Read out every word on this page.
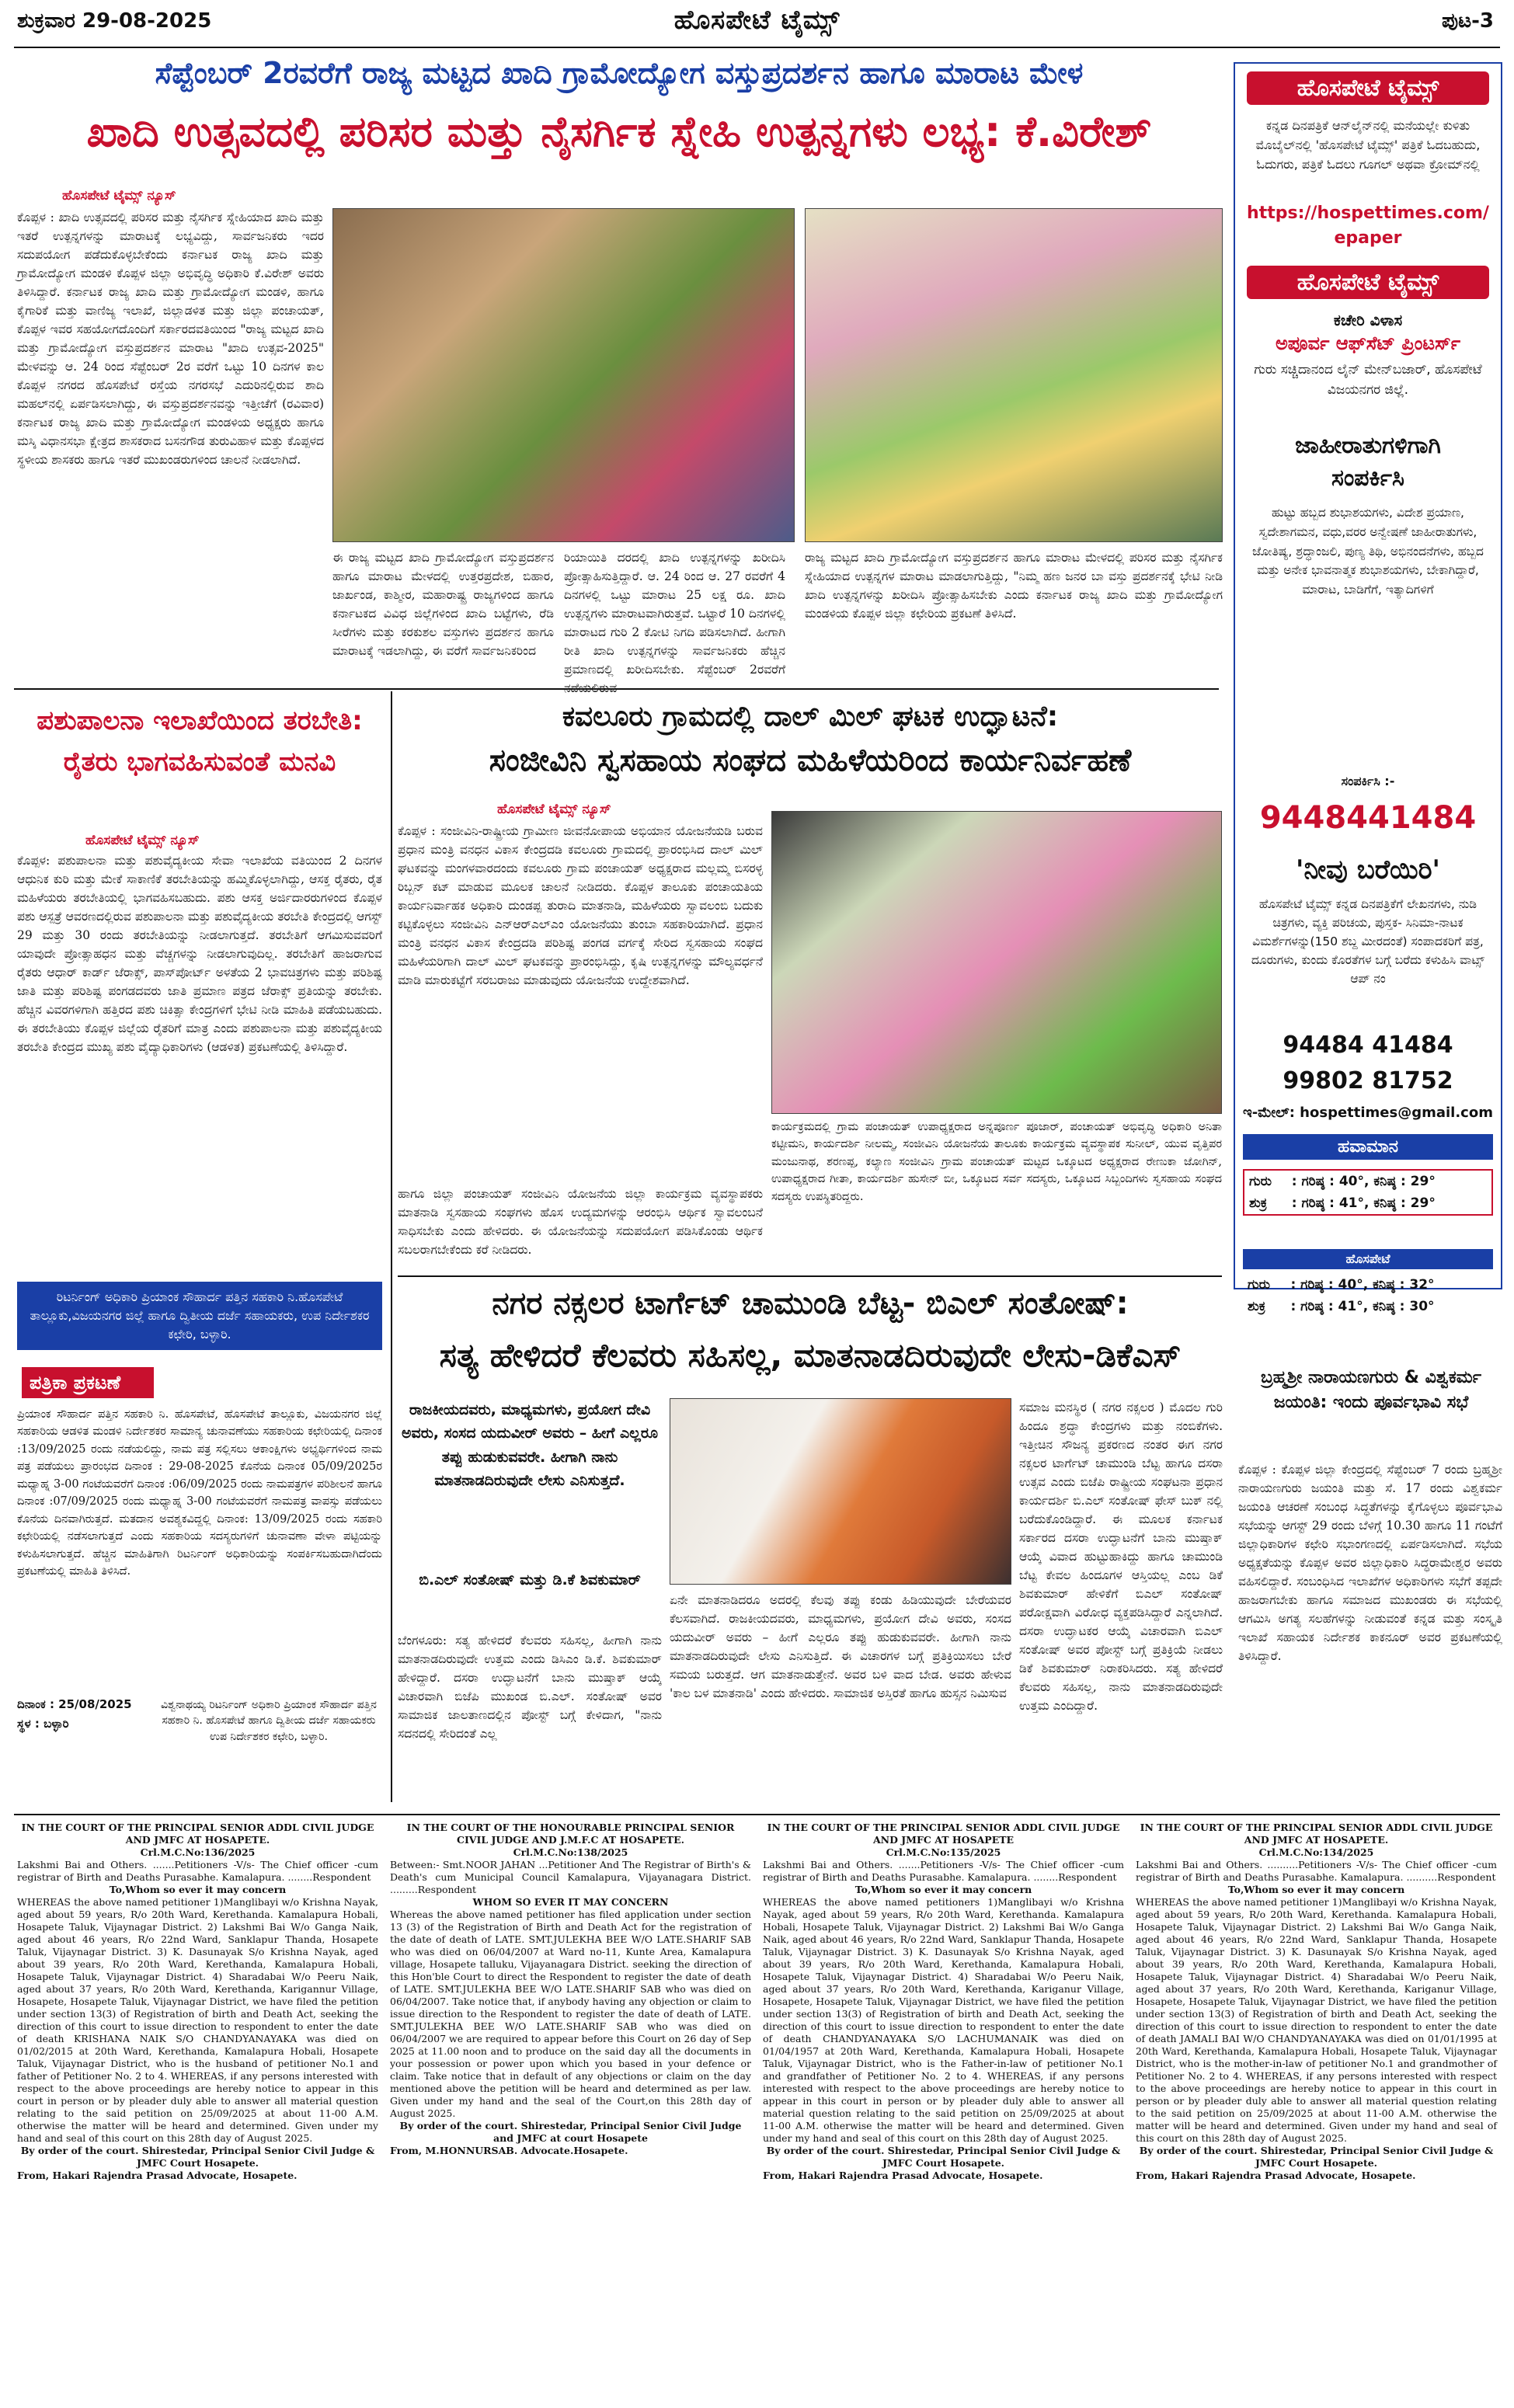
ಶುಕ್ರವಾರ 29-08-2025	ಹೊಸಪೇಟೆ ಟೈಮ್ಸ್	ಪುಟ-3
ಸೆಪ್ಟೆಂಬರ್ 2ರವರೆಗೆ ರಾಜ್ಯ ಮಟ್ಟದ ಖಾದಿ ಗ್ರಾಮೋದ್ಯೋಗ ವಸ್ತುಪ್ರದರ್ಶನ ಹಾಗೂ ಮಾರಾಟ ಮೇಳ
ಖಾದಿ ಉತ್ಸವದಲ್ಲಿ ಪರಿಸರ ಮತ್ತು ನೈಸರ್ಗಿಕ ಸ್ನೇಹಿ ಉತ್ಪನ್ನಗಳು ಲಭ್ಯ: ಕೆ.ವಿರೇಶ್
ಹೊಸಪೇಟೆ ಟೈಮ್ಸ್ ನ್ಯೂಸ್
ಕೊಪ್ಪಳ : ಖಾದಿ ಉತ್ಸವದಲ್ಲಿ ಪರಿಸರ ಮತ್ತು ನೈಸರ್ಗಿಕ ಸ್ನೇಹಿಯಾದ ಖಾದಿ ಮತ್ತು ಇತರೆ ಉತ್ಪನ್ನಗಳನ್ನು ಮಾರಾಟಕ್ಕೆ ಲಭ್ಯವಿದ್ದು, ಸಾರ್ವಜನಿಕರು ಇದರ ಸದುಪಯೋಗ ಪಡೆದುಕೊಳ್ಳಬೇಕೆಂದು ಕರ್ನಾಟಕ ರಾಜ್ಯ ಖಾದಿ ಮತ್ತು ಗ್ರಾಮೋದ್ಯೋಗ ಮಂಡಳಿ ಕೊಪ್ಪಳ ಜಿಲ್ಲಾ ಅಭಿವೃದ್ಧಿ ಅಧಿಕಾರಿ ಕೆ.ವಿರೇಶ್ ಅವರು ತಿಳಿಸಿದ್ದಾರೆ. ಕರ್ನಾಟಕ ರಾಜ್ಯ ಖಾದಿ ಮತ್ತು ಗ್ರಾಮೋದ್ಯೋಗ ಮಂಡಳಿ, ಹಾಗೂ ಕೈಗಾರಿಕೆ ಮತ್ತು ವಾಣಿಜ್ಯ ಇಲಾಖೆ, ಜಿಲ್ಲಾಡಳಿತ ಮತ್ತು ಜಿಲ್ಲಾ ಪಂಚಾಯತ್, ಕೊಪ್ಪಳ ಇವರ ಸಹಯೋಗದೊಂದಿಗೆ ಸರ್ಕಾರದವತಿಯಿಂದ "ರಾಜ್ಯ ಮಟ್ಟದ ಖಾದಿ ಮತ್ತು ಗ್ರಾಮೋದ್ಯೋಗ ವಸ್ತುಪ್ರದರ್ಶನ ಮಾರಾಟ "ಖಾದಿ ಉತ್ಸವ-2025" ಮೇಳವನ್ನು ಆ. 24 ರಿಂದ ಸೆಪ್ಟೆಂಬರ್ 2ರ ವರೆಗೆ ಒಟ್ಟು 10 ದಿನಗಳ ಕಾಲ ಕೊಪ್ಪಳ ನಗರದ ಹೊಸಪೇಟೆ ರಸ್ತೆಯ ನಗರಸಭೆ ಎದುರಿನಲ್ಲಿರುವ ಶಾದಿ ಮಹಲ್‌ನಲ್ಲಿ ಏರ್ಪಡಿಸಲಾಗಿದ್ದು, ಈ ವಸ್ತುಪ್ರದರ್ಶನವನ್ನು ಇತ್ತೀಚೆಗೆ (ರವಿವಾರ) ಕರ್ನಾಟಕ ರಾಜ್ಯ ಖಾದಿ ಮತ್ತು ಗ್ರಾಮೋದ್ಯೋಗ ಮಂಡಳಿಯ ಅಧ್ಯಕ್ಷರು ಹಾಗೂ ಮಸ್ಕಿ ವಿಧಾನಸಭಾ ಕ್ಷೇತ್ರದ ಶಾಸಕರಾದ ಬಸನಗೌಡ ತುರುವಿಹಾಳ ಮತ್ತು ಕೊಪ್ಪಳದ ಸ್ಥಳೀಯ ಶಾಸಕರು ಹಾಗೂ ಇತರೆ ಮುಖಂಡರುಗಳಿಂದ ಚಾಲನೆ ನೀಡಲಾಗಿದೆ.
ಈ ರಾಜ್ಯ ಮಟ್ಟದ ಖಾದಿ ಗ್ರಾಮೋದ್ಯೋಗ ವಸ್ತುಪ್ರದರ್ಶನ ಹಾಗೂ ಮಾರಾಟ ಮೇಳದಲ್ಲಿ ಉತ್ತರಪ್ರದೇಶ, ಬಿಹಾರ, ಜಾರ್ಖಂಡ, ಕಾಶ್ಮೀರ, ಮಹಾರಾಷ್ಟ್ರ ರಾಜ್ಯಗಳಿಂದ ಹಾಗೂ ಕರ್ನಾಟಕದ ವಿವಿಧ ಜಿಲ್ಲೆಗಳಿಂದ ಖಾದಿ ಬಟ್ಟೆಗಳು, ರೆಡಿ ಸೀರೆಗಳು ಮತ್ತು ಕರಕುಶಲ ವಸ್ತುಗಳು ಪ್ರದರ್ಶನ ಹಾಗೂ ಮಾರಾಟಕ್ಕೆ ಇಡಲಾಗಿದ್ದು, ಈ ವರೆಗೆ ಸಾರ್ವಜನಿಕರಿಂದ
ರಿಯಾಯಿತಿ ದರದಲ್ಲಿ ಖಾದಿ ಉತ್ಪನ್ನಗಳನ್ನು ಖರೀದಿಸಿ ಪ್ರೋತ್ಸಾಹಿಸುತ್ತಿದ್ದಾರೆ. ಆ. 24 ರಿಂದ ಆ. 27 ರವರೆಗೆ 4 ದಿನಗಳಲ್ಲಿ ಒಟ್ಟು ಮಾರಾಟ 25 ಲಕ್ಷ ರೂ. ಖಾದಿ ಉತ್ಪನ್ನಗಳು ಮಾರಾಟವಾಗಿರುತ್ತವೆ. ಒಟ್ಟಾರೆ 10 ದಿನಗಳಲ್ಲಿ ಮಾರಾಟದ ಗುರಿ 2 ಕೋಟಿ ನಿಗದಿ ಪಡಿಸಲಾಗಿದೆ. ಹೀಗಾಗಿ ರೀತಿ ಖಾದಿ ಉತ್ಪನ್ನಗಳನ್ನು ಸಾರ್ವಜನಿಕರು ಹೆಚ್ಚಿನ ಪ್ರಮಾಣದಲ್ಲಿ ಖರೀದಿಸಬೇಕು. ಸೆಪ್ಟೆಂಬರ್ 2ರವರೆಗೆ ನಡೆಯಲಿರುವ
ರಾಜ್ಯ ಮಟ್ಟದ ಖಾದಿ ಗ್ರಾಮೋದ್ಯೋಗ ವಸ್ತುಪ್ರದರ್ಶನ ಹಾಗೂ ಮಾರಾಟ ಮೇಳದಲ್ಲಿ ಪರಿಸರ ಮತ್ತು ನೈಸರ್ಗಿಕ ಸ್ನೇಹಿಯಾದ ಉತ್ಪನ್ನಗಳ ಮಾರಾಟ ಮಾಡಲಾಗುತ್ತಿದ್ದು, "ನಿಮ್ಮ ಹಣ ಜನರ ಬಾ ವಸ್ತು ಪ್ರದರ್ಶನಕ್ಕೆ ಭೇಟಿ ನೀಡಿ ಖಾದಿ ಉತ್ಪನ್ನಗಳನ್ನು ಖರೀದಿಸಿ ಪ್ರೋತ್ಸಾಹಿಸಬೇಕು ಎಂದು ಕರ್ನಾಟಕ ರಾಜ್ಯ ಖಾದಿ ಮತ್ತು ಗ್ರಾಮೋದ್ಯೋಗ ಮಂಡಳಿಯ ಕೊಪ್ಪಳ ಜಿಲ್ಲಾ ಕಛೇರಿಯ ಪ್ರಕಟಣೆ ತಿಳಿಸಿದೆ.
ಹೊಸಪೇಟೆ ಟೈಮ್ಸ್
ಕನ್ನಡ ದಿನಪತ್ರಿಕೆ ಆನ್‌ಲೈನ್‌ನಲ್ಲಿ ಮನೆಯಲ್ಲೇ ಕುಳಿತು ಮೊಬೈಲ್‌ನಲ್ಲಿ 'ಹೊಸಪೇಟೆ ಟೈಮ್ಸ್' ಪತ್ರಿಕೆ ಓದಬಹುದು, ಓದುಗರು, ಪತ್ರಿಕೆ ಓದಲು ಗೂಗಲ್ ಅಥವಾ ಕ್ರೋಮ್‌ನಲ್ಲಿ
https://hospettimes.com/
epaper
ಹೊಸಪೇಟೆ ಟೈಮ್ಸ್
ಕಚೇರಿ ವಿಳಾಸ
ಅಪೂರ್ವ ಆಫ್‌ಸೆಟ್ ಪ್ರಿಂಟರ್ಸ್
ಗುರು ಸಚ್ಚಿದಾನಂದ ಲೈನ್ ಮೇನ್‌ಬಜಾರ್, ಹೊಸಪೇಟೆ ವಿಜಯನಗರ ಜಿಲ್ಲೆ.
ಜಾಹೀರಾತುಗಳಿಗಾಗಿ
ಸಂಪರ್ಕಿಸಿ
ಹುಟ್ಟು ಹಬ್ಬದ ಶುಭಾಶಯಗಳು, ವಿದೇಶ ಪ್ರಯಾಣ, ಸ್ವದೇಶಾಗಮನ, ವಧು,ವರರ ಅನ್ವೇಷಣೆ ಜಾಹೀರಾತುಗಳು, ಜೋತಿಷ್ಯ, ಶ್ರದ್ಧಾಂಜಲಿ, ಪುಣ್ಯ ತಿಥಿ, ಅಭಿನಂದನೆಗಳು, ಹಬ್ಬದ ಮತ್ತು ಅನೇಕ ಭಾವನಾತ್ಮಕ ಶುಭಾಶಯಗಳು, ಬೇಕಾಗಿದ್ದಾರೆ, ಮಾರಾಟ, ಬಾಡಿಗೆಗೆ, ಇತ್ಯಾದಿಗಳಿಗೆ
ಸಂಪರ್ಕಿಸಿ :-
9448441484
'ನೀವು ಬರೆಯಿರಿ'
ಹೊಸಪೇಟೆ ಟೈಮ್ಸ್ ಕನ್ನಡ ದಿನಪತ್ರಿಕೆಗೆ ಲೇಖನಗಳು, ನುಡಿ ಚಿತ್ರಗಳು, ವ್ಯಕ್ತಿ ಪರಿಚಯ, ಪುಸ್ತಕ- ಸಿನಿಮಾ-ನಾಟಕ ವಿಮರ್ಶೆಗಳನ್ನು(150 ಶಬ್ದ ಮೀರದಂತೆ) ಸಂಪಾದಕರಿಗೆ ಪತ್ರ, ದೂರುಗಳು, ಕುಂದು ಕೊರತೆಗಳ ಬಗ್ಗೆ ಬರೆದು ಕಳುಹಿಸಿ ವಾಟ್ಸ್ ಆಪ್ ನಂ
94484 41484
99802 81752
ಇ-ಮೇಲ್: hospettimes@gmail.com
ಹವಾಮಾನ
ಗುರು	: ಗರಿಷ್ಠ : 40°, ಕನಿಷ್ಠ : 29°
ಶುಕ್ರ	: ಗರಿಷ್ಠ : 41°, ಕನಿಷ್ಠ : 29°
ಹೊಸಪೇಟೆ
ಗುರು	: ಗರಿಷ್ಠ : 40°, ಕನಿಷ್ಠ : 32°
ಶುಕ್ರ	: ಗರಿಷ್ಠ : 41°, ಕನಿಷ್ಠ : 30°
ಬ್ರಹ್ಮಶ್ರೀ ನಾರಾಯಣಗುರು & ವಿಶ್ವಕರ್ಮ ಜಯಂತಿ: ಇಂದು ಪೂರ್ವಭಾವಿ ಸಭೆ
ಕೊಪ್ಪಳ : ಕೊಪ್ಪಳ ಜಿಲ್ಲಾ ಕೇಂದ್ರದಲ್ಲಿ ಸೆಪ್ಟೆಂಬರ್ 7 ರಂದು ಬ್ರಹ್ಮಶ್ರೀ ನಾರಾಯಣಗುರು ಜಯಂತಿ ಮತ್ತು ಸೆ. 17 ರಂದು ವಿಶ್ವಕರ್ಮ ಜಯಂತಿ ಆಚರಣೆ ಸಂಬಂಧ ಸಿದ್ಧತೆಗಳನ್ನು ಕೈಗೊಳ್ಳಲು ಪೂರ್ವಭಾವಿ ಸಭೆಯನ್ನು ಆಗಸ್ಟ್ 29 ರಂದು ಬೆಳಿಗ್ಗೆ 10.30 ಹಾಗೂ 11 ಗಂಟೆಗೆ ಜಿಲ್ಲಾಧಿಕಾರಿಗಳ ಕಛೇರಿ ಸಭಾಂಗಣದಲ್ಲಿ ಏರ್ಪಡಿಸಲಾಗಿದೆ. ಸಭೆಯ ಅಧ್ಯಕ್ಷತೆಯನ್ನು ಕೊಪ್ಪಳ ಅವರ ಜಿಲ್ಲಾಧಿಕಾರಿ ಸಿದ್ಧರಾಮೇಶ್ವರ ಅವರು ವಹಿಸಲಿದ್ದಾರೆ. ಸಂಬಂಧಿಸಿದ ಇಲಾಖೆಗಳ ಅಧಿಕಾರಿಗಳು ಸಭೆಗೆ ತಪ್ಪದೇ ಹಾಜರಾಗಬೇಕು ಹಾಗೂ ಸಮಾಜದ ಮುಖಂಡರು ಈ ಸಭೆಯಲ್ಲಿ ಆಗಮಿಸಿ ಅಗತ್ಯ ಸಲಹೆಗಳನ್ನು ನೀಡುವಂತೆ ಕನ್ನಡ ಮತ್ತು ಸಂಸ್ಕೃತಿ ಇಲಾಖೆ ಸಹಾಯಕ ನಿರ್ದೇಶಕ ಕಾಕನೂರ್ ಅವರ ಪ್ರಕಟಣೆಯಲ್ಲಿ ತಿಳಿಸಿದ್ದಾರೆ.
ಪಶುಪಾಲನಾ ಇಲಾಖೆಯಿಂದ ತರಬೇತಿ: ರೈತರು ಭಾಗವಹಿಸುವಂತೆ ಮನವಿ
ಹೊಸಪೇಟೆ ಟೈಮ್ಸ್ ನ್ಯೂಸ್
ಕೊಪ್ಪಳ: ಪಶುಪಾಲನಾ ಮತ್ತು ಪಶುವೈದ್ಯಕೀಯ ಸೇವಾ ಇಲಾಖೆಯ ವತಿಯಿಂದ 2 ದಿನಗಳ ಆಧುನಿಕ ಕುರಿ ಮತ್ತು ಮೇಕೆ ಸಾಕಾಣಿಕೆ ತರಬೇತಿಯನ್ನು ಹಮ್ಮಿಕೊಳ್ಳಲಾಗಿದ್ದು, ಆಸಕ್ತ ರೈತರು, ರೈತ ಮಹಿಳೆಯರು ತರಬೇತಿಯಲ್ಲಿ ಭಾಗವಹಿಸಬಹುದು. ಪಶು ಆಸಕ್ತ ಅರ್ಜಿದಾರರುಗಳಿಂದ ಕೊಪ್ಪಳ ಪಶು ಆಸ್ಪತ್ರೆ ಆವರಣದಲ್ಲಿರುವ ಪಶುಪಾಲನಾ ಮತ್ತು ಪಶುವೈದ್ಯಕೀಯ ತರಬೇತಿ ಕೇಂದ್ರದಲ್ಲಿ ಆಗಸ್ಟ್ 29 ಮತ್ತು 30 ರಂದು ತರಬೇತಿಯನ್ನು ನೀಡಲಾಗುತ್ತದೆ. ತರಬೇತಿಗೆ ಆಗಮಿಸುವವರಿಗೆ ಯಾವುದೇ ಪ್ರೋತ್ಸಾಹಧನ ಮತ್ತು ವೆಚ್ಚಗಳನ್ನು ನೀಡಲಾಗುವುದಿಲ್ಲ. ತರಬೇತಿಗೆ ಹಾಜರಾಗುವ ರೈತರು ಆಧಾರ್ ಕಾರ್ಡ್ ಜೆರಾಕ್ಸ್, ಪಾಸ್‌ಪೋರ್ಟ್ ಅಳತೆಯ 2 ಭಾವಚಿತ್ರಗಳು ಮತ್ತು ಪರಿಶಿಷ್ಟ ಜಾತಿ ಮತ್ತು ಪರಿಶಿಷ್ಟ ಪಂಗಡದವರು ಜಾತಿ ಪ್ರಮಾಣ ಪತ್ರದ ಜೆರಾಕ್ಸ್ ಪ್ರತಿಯನ್ನು ತರಬೇಕು. ಹೆಚ್ಚಿನ ವಿವರಗಳಿಗಾಗಿ ಹತ್ತಿರದ ಪಶು ಚಿಕಿತ್ಸಾ ಕೇಂದ್ರಗಳಿಗೆ ಭೇಟಿ ನೀಡಿ ಮಾಹಿತಿ ಪಡೆಯಬಹುದು. ಈ ತರಬೇತಿಯು ಕೊಪ್ಪಳ ಜಿಲ್ಲೆಯ ರೈತರಿಗೆ ಮಾತ್ರ ಎಂದು ಪಶುಪಾಲನಾ ಮತ್ತು ಪಶುವೈದ್ಯಕೀಯ ತರಬೇತಿ ಕೇಂದ್ರದ ಮುಖ್ಯ ಪಶು ವೈದ್ಯಾಧಿಕಾರಿಗಳು (ಆಡಳಿತ) ಪ್ರಕಟಣೆಯಲ್ಲಿ ತಿಳಿಸಿದ್ದಾರೆ.
ರಿಟರ್ನಿಂಗ್ ಅಧಿಕಾರಿ ಪ್ರಿಯಾಂಕ ಸೌಹಾರ್ದ ಪತ್ತಿನ ಸಹಕಾರಿ ನಿ.ಹೊಸಪೇಟೆ ತಾಲ್ಲೂಕು,ವಿಜಯನಗರ ಜಿಲ್ಲೆ ಹಾಗೂ ದ್ವಿತೀಯ ದರ್ಜೆ ಸಹಾಯಕರು, ಉಪ ನಿರ್ದೇಶಕರ ಕಛೇರಿ, ಬಳ್ಳಾರಿ.
ಪತ್ರಿಕಾ ಪ್ರಕಟಣೆ
ಪ್ರಿಯಾಂಕ ಸೌಹಾರ್ದ ಪತ್ತಿನ ಸಹಕಾರಿ ನಿ. ಹೊಸಪೇಟೆ, ಹೊಸಪೇಟೆ ತಾಲ್ಲೂಕು, ವಿಜಯನಗರ ಜಿಲ್ಲೆ ಸಹಕಾರಿಯ ಆಡಳಿತ ಮಂಡಳಿ ನಿರ್ದೇಶಕರ ಸಾಮಾನ್ಯ ಚುನಾವಣೆಯು ಸಹಕಾರಿಯ ಕಛೇರಿಯಲ್ಲಿ ದಿನಾಂಕ :13/09/2025 ರಂದು ನಡೆಯಲಿದ್ದು, ನಾಮ ಪತ್ರ ಸಲ್ಲಿಸಲು ಆಕಾಂಕ್ಷಿಗಳು ಅಭ್ಯರ್ಥಿಗಳಿಂದ ನಾಮ ಪತ್ರ ಪಡೆಯಲು ಪ್ರಾರಂಭದ ದಿನಾಂಕ : 29-08-2025 ಕೊನೆಯ ದಿನಾಂಕ 05/09/2025ರ ಮಧ್ಯಾಹ್ನ 3-00 ಗಂಟೆಯವರೆಗೆ ದಿನಾಂಕ :06/09/2025 ರಂದು ನಾಮಪತ್ರಗಳ ಪರಿಶೀಲನೆ ಹಾಗೂ ದಿನಾಂಕ :07/09/2025 ರಂದು ಮಧ್ಯಾಹ್ನ 3-00 ಗಂಟೆಯವರೆಗೆ ನಾಮಪತ್ರ ವಾಪಸ್ಸು ಪಡೆಯಲು ಕೊನೆಯ ದಿನವಾಗಿರುತ್ತದೆ. ಮತದಾನ ಅವಶ್ಯಕವಿದ್ದಲ್ಲಿ ದಿನಾಂಕ: 13/09/2025 ರಂದು ಸಹಕಾರಿ ಕಛೇರಿಯಲ್ಲಿ ನಡೆಸಲಾಗುತ್ತದೆ ಎಂದು ಸಹಕಾರಿಯ ಸದಸ್ಯರುಗಳಿಗೆ ಚುನಾವಣಾ ವೇಳಾ ಪಟ್ಟಿಯನ್ನು ಕಳುಹಿಸಲಾಗುತ್ತದೆ. ಹೆಚ್ಚಿನ ಮಾಹಿತಿಗಾಗಿ ರಿಟರ್ನಿಂಗ್ ಅಧಿಕಾರಿಯನ್ನು ಸಂಪರ್ಕಿಸಬಹುದಾಗಿದೆಂದು ಪ್ರಕಟಣೆಯಲ್ಲಿ ಮಾಹಿತಿ ತಿಳಿಸಿದೆ.
ದಿನಾಂಕ : 25/08/2025
ಸ್ಥಳ : ಬಳ್ಳಾರಿ
ವಿಶ್ವನಾಥಯ್ಯ ರಿಟರ್ನಿಂಗ್ ಅಧಿಕಾರಿ ಪ್ರಿಯಾಂಕ ಸೌಹಾರ್ದ ಪತ್ತಿನ ಸಹಕಾರಿ ನಿ. ಹೊಸಪೇಟೆ ಹಾಗೂ ದ್ವಿತೀಯ ದರ್ಜೆ ಸಹಾಯಕರು ಉಪ ನಿರ್ದೇಶಕರ ಕಛೇರಿ, ಬಳ್ಳಾರಿ.
ಕವಲೂರು ಗ್ರಾಮದಲ್ಲಿ ದಾಲ್ ಮಿಲ್ ಘಟಕ ಉದ್ಘಾಟನೆ:
ಸಂಜೀವಿನಿ ಸ್ವಸಹಾಯ ಸಂಘದ ಮಹಿಳೆಯರಿಂದ ಕಾರ್ಯನಿರ್ವಹಣೆ
ಹೊಸಪೇಟೆ ಟೈಮ್ಸ್ ನ್ಯೂಸ್
ಕೊಪ್ಪಳ : ಸಂಜೀವಿನಿ-ರಾಷ್ಟ್ರೀಯ ಗ್ರಾಮೀಣ ಜೀವನೋಪಾಯ ಅಭಿಯಾನ ಯೋಜನೆಯಡಿ ಬರುವ ಪ್ರಧಾನ ಮಂತ್ರಿ ವನಧನ ವಿಕಾಸ ಕೇಂದ್ರದಡಿ ಕವಲೂರು ಗ್ರಾಮದಲ್ಲಿ ಪ್ರಾರಂಭಿಸಿದ ದಾಲ್ ಮಿಲ್ ಘಟಕವನ್ನು ಮಂಗಳವಾರದಂದು ಕವಲೂರು ಗ್ರಾಮ ಪಂಚಾಯತ್ ಅಧ್ಯಕ್ಷರಾದ ಮಲ್ಲಮ್ಮ ಬಿಸರಳ್ಳ ರಿಬ್ಬನ್ ಕಟ್ ಮಾಡುವ ಮೂಲಕ ಚಾಲನೆ ನೀಡಿದರು. ಕೊಪ್ಪಳ ತಾಲೂಕು ಪಂಚಾಯತಿಯ ಕಾರ್ಯನಿರ್ವಾಹಕ ಅಧಿಕಾರಿ ದುಂಡಪ್ಪ ತುರಾದಿ ಮಾತನಾಡಿ, ಮಹಿಳೆಯರು ಸ್ವಾವಲಂಬಿ ಬದುಕು ಕಟ್ಟಿಕೊಳ್ಳಲು ಸಂಜೀವಿನಿ ಎನ್‌ಆರ್‌ಎಲ್‌ಎಂ ಯೋಜನೆಯು ತುಂಬಾ ಸಹಕಾರಿಯಾಗಿದೆ. ಪ್ರಧಾನ ಮಂತ್ರಿ ವನಧನ ವಿಕಾಸ ಕೇಂದ್ರದಡಿ ಪರಿಶಿಷ್ಟ ಪಂಗಡ ವರ್ಗಕ್ಕೆ ಸೇರಿದ ಸ್ವಸಹಾಯ ಸಂಘದ ಮಹಿಳೆಯರಿಗಾಗಿ ದಾಲ್ ಮಿಲ್ ಘಟಕವನ್ನು ಪ್ರಾರಂಭಿಸಿದ್ದು, ಕೃಷಿ ಉತ್ಪನ್ನಗಳನ್ನು ಮೌಲ್ಯವರ್ಧನೆ ಮಾಡಿ ಮಾರುಕಟ್ಟೆಗೆ ಸರಬರಾಜು ಮಾಡುವುದು ಯೋಜನೆಯ ಉದ್ದೇಶವಾಗಿದೆ.
ಕಾರ್ಯಕ್ರಮದಲ್ಲಿ ಗ್ರಾಮ ಪಂಚಾಯತ್ ಉಪಾಧ್ಯಕ್ಷರಾದ ಅನ್ನಪೂರ್ಣ ಪೂಜಾರ್, ಪಂಚಾಯತ್ ಅಭಿವೃದ್ಧಿ ಅಧಿಕಾರಿ ಅನಿತಾ ಕಟ್ಟೀಮನಿ, ಕಾರ್ಯದರ್ಶಿ ನೀಲಮ್ಮ, ಸಂಜೀವಿನಿ ಯೋಜನೆಯ ತಾಲೂಕು ಕಾರ್ಯಕ್ರಮ ವ್ಯವಸ್ಥಾಪಕ ಸುನೀಲ್, ಯುವ ವೃತ್ತಿಪರ ಮಂಜುನಾಥ, ಶರಣಪ್ಪ, ಕಲ್ಯಾಣ ಸಂಜೀವಿನಿ ಗ್ರಾಮ ಪಂಚಾಯತ್ ಮಟ್ಟದ ಒಕ್ಕೂಟದ ಅಧ್ಯಕ್ಷರಾದ ರೇಣುಕಾ ಜೋಗಿನ್, ಉಪಾಧ್ಯಕ್ಷರಾದ ಗೀತಾ, ಕಾರ್ಯದರ್ಶಿ ಹುಸೇನ್ ಬೀ, ಒಕ್ಕೂಟದ ಸರ್ವ ಸದಸ್ಯರು, ಒಕ್ಕೂಟದ ಸಿಬ್ಬಂದಿಗಳು ಸ್ವಸಹಾಯ ಸಂಘದ ಸದಸ್ಯರು ಉಪಸ್ಥಿತರಿದ್ದರು.
ಹಾಗೂ ಜಿಲ್ಲಾ ಪಂಚಾಯತ್ ಸಂಜೀವಿನಿ ಯೋಜನೆಯ ಜಿಲ್ಲಾ ಕಾರ್ಯಕ್ರಮ ವ್ಯವಸ್ಥಾಪಕರು ಮಾತನಾಡಿ ಸ್ವಸಹಾಯ ಸಂಘಗಳು ಹೊಸ ಉದ್ಯಮಗಳನ್ನು ಆರಂಭಿಸಿ ಆರ್ಥಿಕ ಸ್ವಾವಲಂಬನೆ ಸಾಧಿಸಬೇಕು ಎಂದು ಹೇಳಿದರು. ಈ ಯೋಜನೆಯನ್ನು ಸದುಪಯೋಗ ಪಡಿಸಿಕೊಂಡು ಆರ್ಥಿಕ ಸಬಲರಾಗಬೇಕೆಂದು ಕರೆ ನೀಡಿದರು.
ನಗರ ನಕ್ಸಲರ ಟಾರ್ಗೆಟ್ ಚಾಮುಂಡಿ ಬೆಟ್ಟ- ಬಿಎಲ್ ಸಂತೋಷ್:
ಸತ್ಯ ಹೇಳಿದರೆ ಕೆಲವರು ಸಹಿಸಲ್ಲ, ಮಾತನಾಡದಿರುವುದೇ ಲೇಸು-ಡಿಕೆಎಸ್
ರಾಜಕೀಯದವರು, ಮಾಧ್ಯಮಗಳು, ಪ್ರಯೋಗ ದೇವಿ ಅವರು, ಸಂಸದ ಯದುವೀರ್ ಅವರು – ಹೀಗೆ ಎಲ್ಲರೂ ತಪ್ಪು ಹುಡುಕುವವರೇ. ಹೀಗಾಗಿ ನಾನು ಮಾತನಾಡದಿರುವುದೇ ಲೇಸು ಎನಿಸುತ್ತದೆ.
ಬಿ.ಎಲ್ ಸಂತೋಷ್ ಮತ್ತು ಡಿ.ಕೆ ಶಿವಕುಮಾರ್
ಬೆಂಗಳೂರು: ಸತ್ಯ ಹೇಳಿದರೆ ಕೆಲವರು ಸಹಿಸಲ್ಲ, ಹೀಗಾಗಿ ನಾನು ಮಾತನಾಡದಿರುವುದೇ ಉತ್ತಮ ಎಂದು ಡಿಸಿಎಂ ಡಿ.ಕೆ. ಶಿವಕುಮಾರ್ ಹೇಳಿದ್ದಾರೆ. ದಸರಾ ಉದ್ಘಾಟನೆಗೆ ಬಾನು ಮುಷ್ತಾಕ್ ಆಯ್ಕೆ ವಿಚಾರವಾಗಿ ಬಿಜೆಪಿ ಮುಖಂಡ ಬಿ.ಎಲ್. ಸಂತೋಷ್ ಅವರ ಸಾಮಾಜಿಕ ಜಾಲತಾಣದಲ್ಲಿನ ಪೋಸ್ಟ್ ಬಗ್ಗೆ ಕೇಳಿದಾಗ, "ನಾನು ಸದನದಲ್ಲಿ ಸೇರಿದಂತೆ ಎಲ್ಲ
ಏನೇ ಮಾತನಾಡಿದರೂ ಅದರಲ್ಲಿ ಕೆಲವು ತಪ್ಪು ಕಂಡು ಹಿಡಿಯುವುದೇ ಬೇರೆಯವರ ಕೆಲಸವಾಗಿದೆ. ರಾಜಕೀಯದವರು, ಮಾಧ್ಯಮಗಳು, ಪ್ರಯೋಗ ದೇವಿ ಅವರು, ಸಂಸದ ಯದುವೀರ್ ಅವರು – ಹೀಗೆ ಎಲ್ಲರೂ ತಪ್ಪು ಹುಡುಕುವವರೇ. ಹೀಗಾಗಿ ನಾನು ಮಾತನಾಡದಿರುವುದೇ ಲೇಸು ಎನಿಸುತ್ತಿದೆ. ಈ ವಿಚಾರಗಳ ಬಗ್ಗೆ ಪ್ರತಿಕ್ರಿಯಿಸಲು ಬೇರೆ ಸಮಯ ಬರುತ್ತದೆ. ಆಗ ಮಾತನಾಡುತ್ತೇನೆ. ಅವರ ಬಳಿ ವಾದ ಬೇಡ. ಅವರು ಹೇಳುವ 'ಕಾಲ ಬಳ ಮಾತನಾಡಿ' ಎಂದು ಹೇಳಿದರು. ಸಾಮಾಜಿಕ ಅಸ್ತಿರತೆ ಹಾಗೂ ಹುಸ್ಸನ ನಿಮಿಸುವ
ಸಮಾಜ ಮನಸ್ಥಿರ ( ನಗರ ನಕ್ಸಲರ ) ಮೊದಲ ಗುರಿ ಹಿಂದೂ ಶ್ರದ್ಧಾ ಕೇಂದ್ರಗಳು ಮತ್ತು ನಂಬಿಕೆಗಳು. ಇತ್ತೀಚಿನ ಸೌಜನ್ಯ ಪ್ರಕರಣದ ನಂತರ ಈಗ ನಗರ ನಕ್ಸಲರ ಟಾರ್ಗೆಟ್ ಚಾಮುಂಡಿ ಬೆಟ್ಟ ಹಾಗೂ ದಸರಾ ಉತ್ಸವ ಎಂದು ಬಿಜೆಪಿ ರಾಷ್ಟ್ರೀಯ ಸಂಘಟನಾ ಪ್ರಧಾನ ಕಾರ್ಯದರ್ಶಿ ಬಿ.ಎಲ್ ಸಂತೋಷ್ ಫೇಸ್ ಬುಕ್ ನಲ್ಲಿ ಬರೆದುಕೊಂಡಿದ್ದಾರೆ. ಈ ಮೂಲಕ ಕರ್ನಾಟಕ ಸರ್ಕಾರದ ದಸರಾ ಉದ್ಘಾಟನೆಗೆ ಬಾನು ಮುಷ್ತಾಕ್ ಆಯ್ಕೆ ವಿವಾದ ಹುಟ್ಟುಹಾಕಿದ್ದು ಹಾಗೂ ಚಾಮುಂಡಿ ಬೆಟ್ಟ ಕೇವಲ ಹಿಂದೂಗಳ ಆಸ್ತಿಯಲ್ಲ ಎಂಬ ಡಿಕೆ ಶಿವಕುಮಾರ್ ಹೇಳಿಕೆಗೆ ಬಿಎಲ್ ಸಂತೋಷ್ ಪರೋಕ್ಷವಾಗಿ ವಿರೋಧ ವ್ಯಕ್ತಪಡಿಸಿದ್ದಾರೆ ಎನ್ನಲಾಗಿದೆ. ದಸರಾ ಉದ್ಘಾಟಕರ ಆಯ್ಕೆ ವಿಚಾರವಾಗಿ ಬಿಎಲ್ ಸಂತೋಷ್ ಅವರ ಪೋಸ್ಟ್ ಬಗ್ಗೆ ಪ್ರತಿಕ್ರಿಯೆ ನೀಡಲು ಡಿಕೆ ಶಿವಕುಮಾರ್ ನಿರಾಕರಿಸಿದರು. ಸತ್ಯ ಹೇಳಿದರೆ ಕೆಲವರು ಸಹಿಸಲ್ಲ, ನಾನು ಮಾತನಾಡದಿರುವುದೇ ಉತ್ತಮ ಎಂದಿದ್ದಾರೆ.
IN THE COURT OF THE PRINCIPAL SENIOR ADDL CIVIL JUDGE AND JMFC AT HOSAPETE.
Crl.M.C.No:136/2025
Lakshmi Bai and Others. .......Petitioners -V/s- The Chief officer -cum registrar of Birth and Deaths Purasabhe. Kamalapura. ........Respondent
To,Whom so ever it may concern
WHEREAS the above named petitioner 1)Manglibayi w/o Krishna Nayak, aged about 59 years, R/o 20th Ward, Kerethanda. Kamalapura Hobali, Hosapete Taluk, Vijaynagar District. 2) Lakshmi Bai W/o Ganga Naik, aged about 46 years, R/o 22nd Ward, Sanklapur Thanda, Hosapete Taluk, Vijaynagar District. 3) K. Dasunayak S/o Krishna Nayak, aged about 39 years, R/o 20th Ward, Kerethanda, Kamalapura Hobali, Hosapete Taluk, Vijaynagar District. 4) Sharadabai W/o Peeru Naik, aged about 37 years, R/o 20th Ward, Kerethanda, Karigannur Village, Hosapete, Hosapete Taluk, Vijaynagar District, we have filed the petition under section 13(3) of Registration of birth and Death Act, seeking the direction of this court to issue direction to respondent to enter the date of death KRISHANA NAIK S/O CHANDYANAYAKA was died on 01/02/2015 at 20th Ward, Kerethanda, Kamalapura Hobali, Hosapete Taluk, Vijaynagar District, who is the husband of petitioner No.1 and father of Petitioner No. 2 to 4. WHEREAS, if any persons interested with respect to the above proceedings are hereby notice to appear in this court in person or by pleader duly able to answer all material question relating to the said petition on 25/09/2025 at about 11-00 A.M. otherwise the matter will be heard and determined. Given under my hand and seal of this court on this 28th day of August 2025.
By order of the court. Shirestedar, Principal Senior Civil Judge & JMFC Court Hosapete.
From, Hakari Rajendra Prasad Advocate, Hosapete.
IN THE COURT OF THE HONOURABLE PRINCIPAL SENIOR CIVIL JUDGE AND J.M.F.C AT HOSAPETE.
Crl.M.C.No:138/2025
Between:- Smt.NOOR JAHAN ...Petitioner And The Registrar of Birth's & Death's cum Municipal Council Kamalapura, Vijayanagara District. .........Respondent
WHOM SO EVER IT MAY CONCERN
Whereas the above named petitioner has filed application under section 13 (3) of the Registration of Birth and Death Act for the registration of the date of death of LATE. SMT.JULEKHA BEE W/O LATE.SHARIF SAB who was died on 06/04/2007 at Ward no-11, Kunte Area, Kamalapura village, Hosapete talluku, Vijayanagara District. seeking the direction of this Hon'ble Court to direct the Respondent to register the date of death of LATE. SMT.JULEKHA BEE W/O LATE.SHARIF SAB who was died on 06/04/2007. Take notice that, if anybody having any objection or claim to issue direction to the Respondent to register the date of death of LATE. SMT.JULEKHA BEE W/O LATE.SHARIF SAB who was died on 06/04/2007 we are required to appear before this Court on 26 day of Sep 2025 at 11.00 noon and to produce on the said day all the documents in your possession or power upon which you based in your defence or claim. Take notice that in default of any objections or claim on the day mentioned above the petition will be heard and determined as per law. Given under my hand and the seal of the Court,on this 28th day of August 2025.
By order of the court. Shirestedar, Principal Senior Civil Judge and JMFC at court Hosapete
From, M.HONNURSAB. Advocate.Hosapete.
IN THE COURT OF THE PRINCIPAL SENIOR ADDL CIVIL JUDGE AND JMFC AT HOSAPETE
Crl.M.C.No:135/2025
Lakshmi Bai and Others. .......Petitioners -V/s- The Chief officer -cum registrar of Birth and Deaths Purasabhe. Kamalapura. ........Respondent
To,Whom so ever it may concern
WHEREAS the above named petitioners 1)Manglibayi w/o Krishna Nayak, aged about 59 years, R/o 20th Ward, Kerethanda. Kamalapura Hobali, Hosapete Taluk, Vijaynagar District. 2) Lakshmi Bai W/o Ganga Naik, aged about 46 years, R/o 22nd Ward, Sanklapur Thanda, Hosapete Taluk, Vijaynagar District. 3) K. Dasunayak S/o Krishna Nayak, aged about 39 years, R/o 20th Ward, Kerethanda, Kamalapura Hobali, Hosapete Taluk, Vijaynagar District. 4) Sharadabai W/o Peeru Naik, aged about 37 years, R/o 20th Ward, Kerethanda, Kariganur Village, Hosapete, Hosapete Taluk, Vijaynagar District, we have filed the petition under section 13(3) of Registration of birth and Death Act, seeking the direction of this court to issue direction to respondent to enter the date of death CHANDYANAYAKA S/O LACHUMANAIK was died on 01/04/1957 at 20th Ward, Kerethanda, Kamalapura Hobali, Hosapete Taluk, Vijaynagar District, who is the Father-in-law of petitioner No.1 and grandfather of Petitioner No. 2 to 4. WHEREAS, if any persons interested with respect to the above proceedings are hereby notice to appear in this court in person or by pleader duly able to answer all material question relating to the said petition on 25/09/2025 at about 11-00 A.M. otherwise the matter will be heard and determined. Given under my hand and seal of this court on this 28th day of August 2025.
By order of the court. Shirestedar, Principal Senior Civil Judge & JMFC Court Hosapete.
From, Hakari Rajendra Prasad Advocate, Hosapete.
IN THE COURT OF THE PRINCIPAL SENIOR ADDL CIVIL JUDGE AND JMFC AT HOSAPETE.
Crl.M.C.No:134/2025
Lakshmi Bai and Others. ..........Petitioners -V/s- The Chief officer -cum registrar of Birth and Deaths Purasabhe. Kamalapura. ..........Respondent
To,Whom so ever it may concern
WHEREAS the above named petitioner 1)Manglibayi w/o Krishna Nayak, aged about 59 years, R/o 20th Ward, Kerethanda. Kamalapura Hobali, Hosapete Taluk, Vijaynagar District. 2) Lakshmi Bai W/o Ganga Naik, aged about 46 years, R/o 22nd Ward, Sanklapur Thanda, Hosapete Taluk, Vijaynagar District. 3) K. Dasunayak S/o Krishna Nayak, aged about 39 years, R/o 20th Ward, Kerethanda, Kamalapura Hobali, Hosapete Taluk, Vijaynagar District. 4) Sharadabai W/o Peeru Naik, aged about 37 years, R/o 20th Ward, Kerethanda, Kariganur Village, Hosapete, Hosapete Taluk, Vijaynagar District, we have filed the petition under section 13(3) of Registration of birth and Death Act, seeking the direction of this court to issue direction to respondent to enter the date of death JAMALI BAI W/O CHANDYANAYAKA was died on 01/01/1995 at 20th Ward, Kerethanda, Kamalapura Hobali, Hosapete Taluk, Vijaynagar District, who is the mother-in-law of petitioner No.1 and grandmother of Petitioner No. 2 to 4. WHEREAS, if any persons interested with respect to the above proceedings are hereby notice to appear in this court in person or by pleader duly able to answer all material question relating to the said petition on 25/09/2025 at about 11-00 A.M. otherwise the matter will be heard and determined. Given under my hand and seal of this court on this 28th day of August 2025.
By order of the court. Shirestedar, Principal Senior Civil Judge & JMFC Court Hosapete.
From, Hakari Rajendra Prasad Advocate, Hosapete.
